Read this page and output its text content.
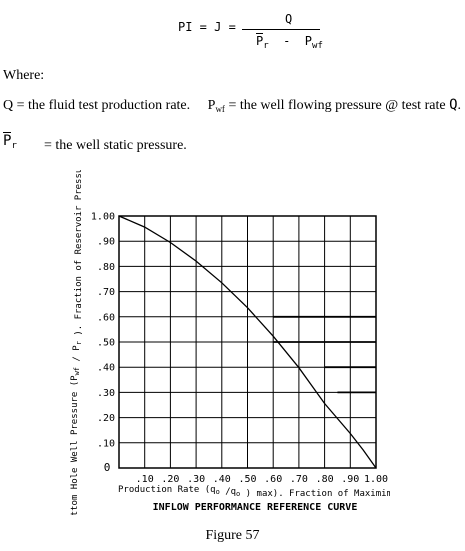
PI = J =
Q
$P_r - P_{wf}$
Where:
Q = the fluid test production rate. $P_{wf}$ = the well flowing pressure @ test rate Q.
$P_r$ = the well static pressure.
.10 .20 .30 .40 .50 .60 .70 .80 .90 1.00
1.00
.90
.80
.70
.60
.50
.40
.30
.20
.10
0
Production Rate ($q_o$ $/q_o$ ) max). Fraction of Maximim
Bottom Hole Well Pressure ($P_{wf} / P_r$ ). Fraction of Reservoir Pressure
INFLOW PERFORMANCE REFERENCE CURVE
Figure 57
